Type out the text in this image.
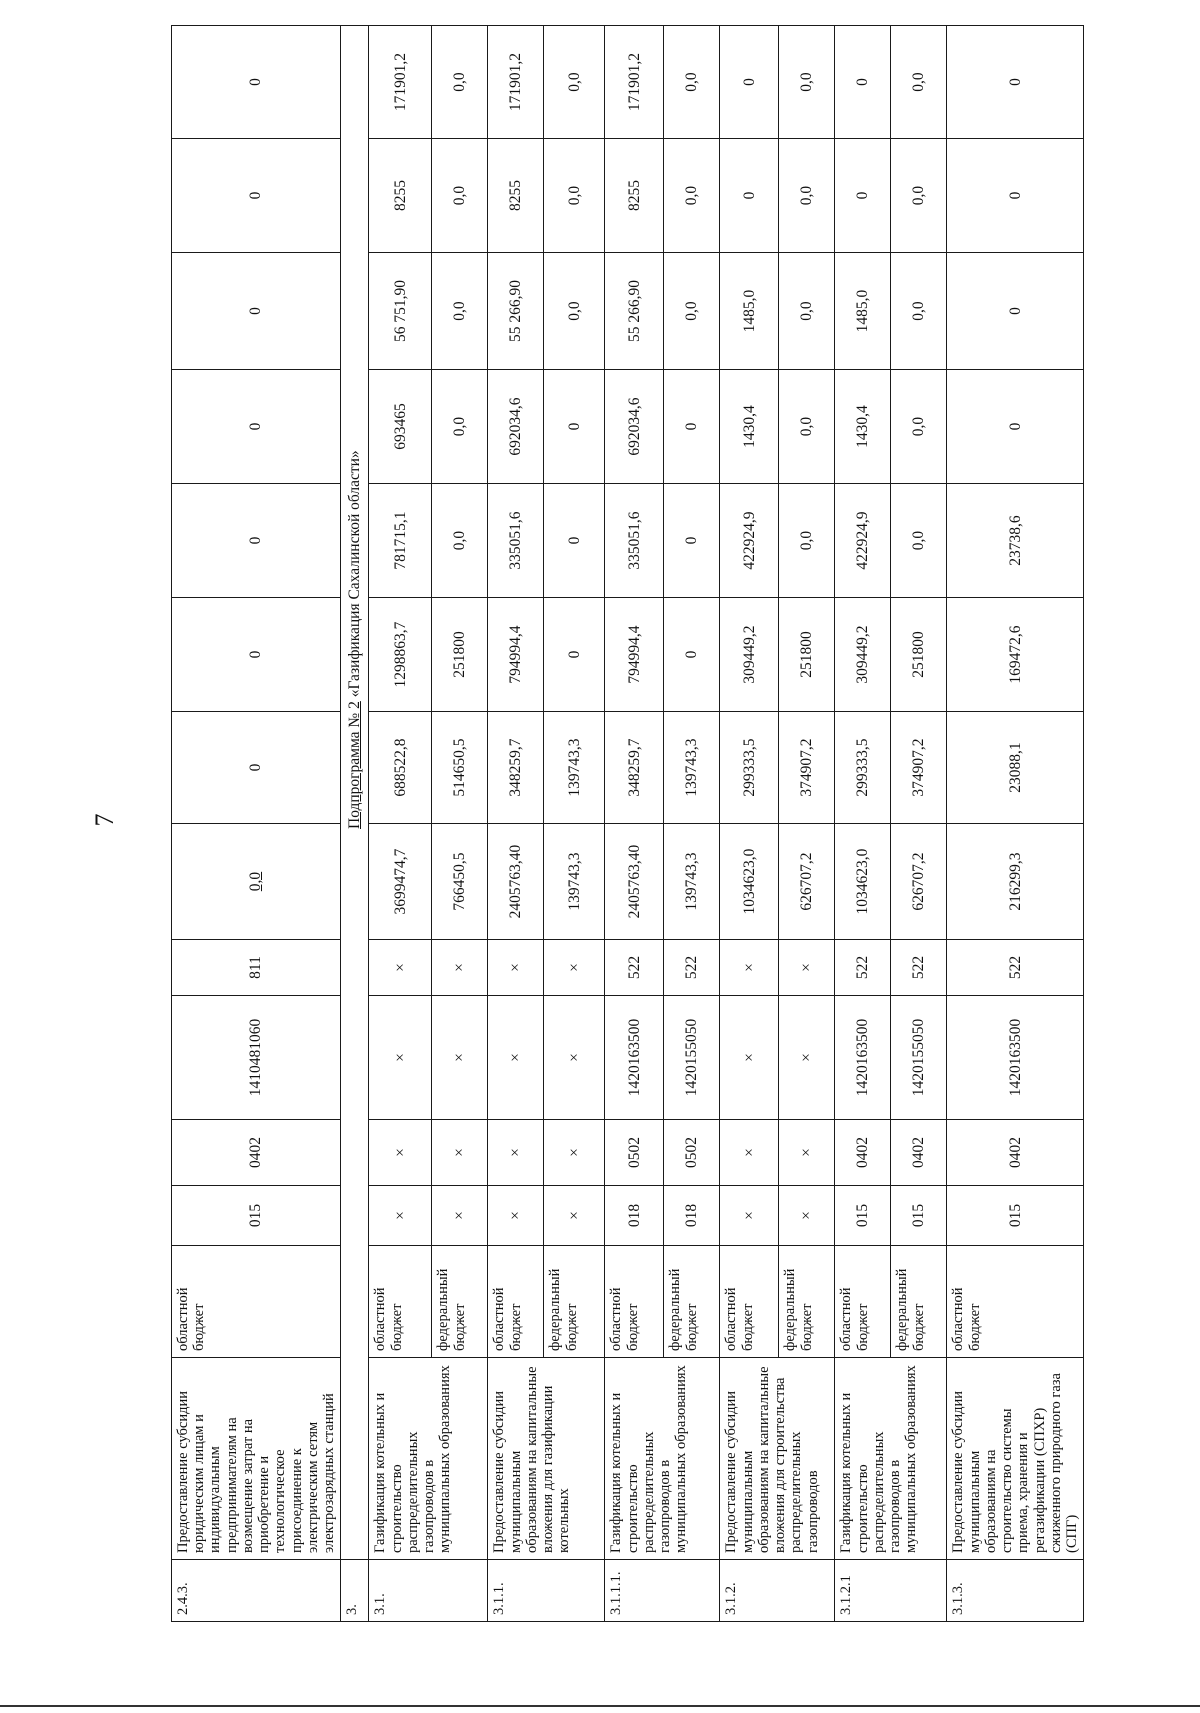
7
2.4.3.	Предоставление субсидии юридическим лицам и индивидуальным предпринимателям на возмещение затрат на приобретение и технологическое присоединение к электрическим сетям электрозарядных станций	областной бюджет	015	0402	1410481060	811	0,0	0	0	0	0	0	0	0
3.	Подпрограмма № 2 «Газификация Сахалинской области»													
3.1.	Газификация котельных и строительство распределительных газопроводов в муниципальных образованиях	областной бюджет	×	×	×	×	3699474,7	688522,8	1298863,7	781715,1	693465	56 751,90	8255	171901,2
		федеральный бюджет	×	×	×	×	766450,5	514650,5	251800	0,0	0,0	0,0	0,0	0,0
3.1.1.	Предоставление субсидии муниципальным образованиям на капитальные вложения для газификации котельных	областной бюджет	×	×	×	×	2405763,40	348259,7	794994,4	335051,6	692034,6	55 266,90	8255	171901,2
		федеральный бюджет	×	×	×	×	139743,3	139743,3	0	0	0	0,0	0,0	0,0
3.1.1.1.	Газификация котельных и строительство распределительных газопроводов в муниципальных образованиях	областной бюджет	018	0502	1420163500	522	2405763,40	348259,7	794994,4	335051,6	692034,6	55 266,90	8255	171901,2
		федеральный бюджет	018	0502	1420155050	522	139743,3	139743,3	0	0	0	0,0	0,0	0,0
3.1.2.	Предоставление субсидии муниципальным образованиям на капитальные вложения для строительства распределительных газопроводов	областной бюджет	×	×	×	×	1034623,0	299333,5	309449,2	422924,9	1430,4	1485,0	0	0
		федеральный бюджет	×	×	×	×	626707,2	374907,2	251800	0,0	0,0	0,0	0,0	0,0
3.1.2.1	Газификация котельных и строительство распределительных газопроводов в муниципальных образованиях	областной бюджет	015	0402	1420163500	522	1034623,0	299333,5	309449,2	422924,9	1430,4	1485,0	0	0
		федеральный бюджет	015	0402	1420155050	522	626707,2	374907,2	251800	0,0	0,0	0,0	0,0	0,0
3.1.3.	Предоставление субсидии муниципальным образованиям на строительство системы приема, хранения и регазификации (СПХР) сжиженного природного газа (СПГ)	областной бюджет	015	0402	1420163500	522	216299,3	23088,1	169472,6	23738,6	0	0	0	0
